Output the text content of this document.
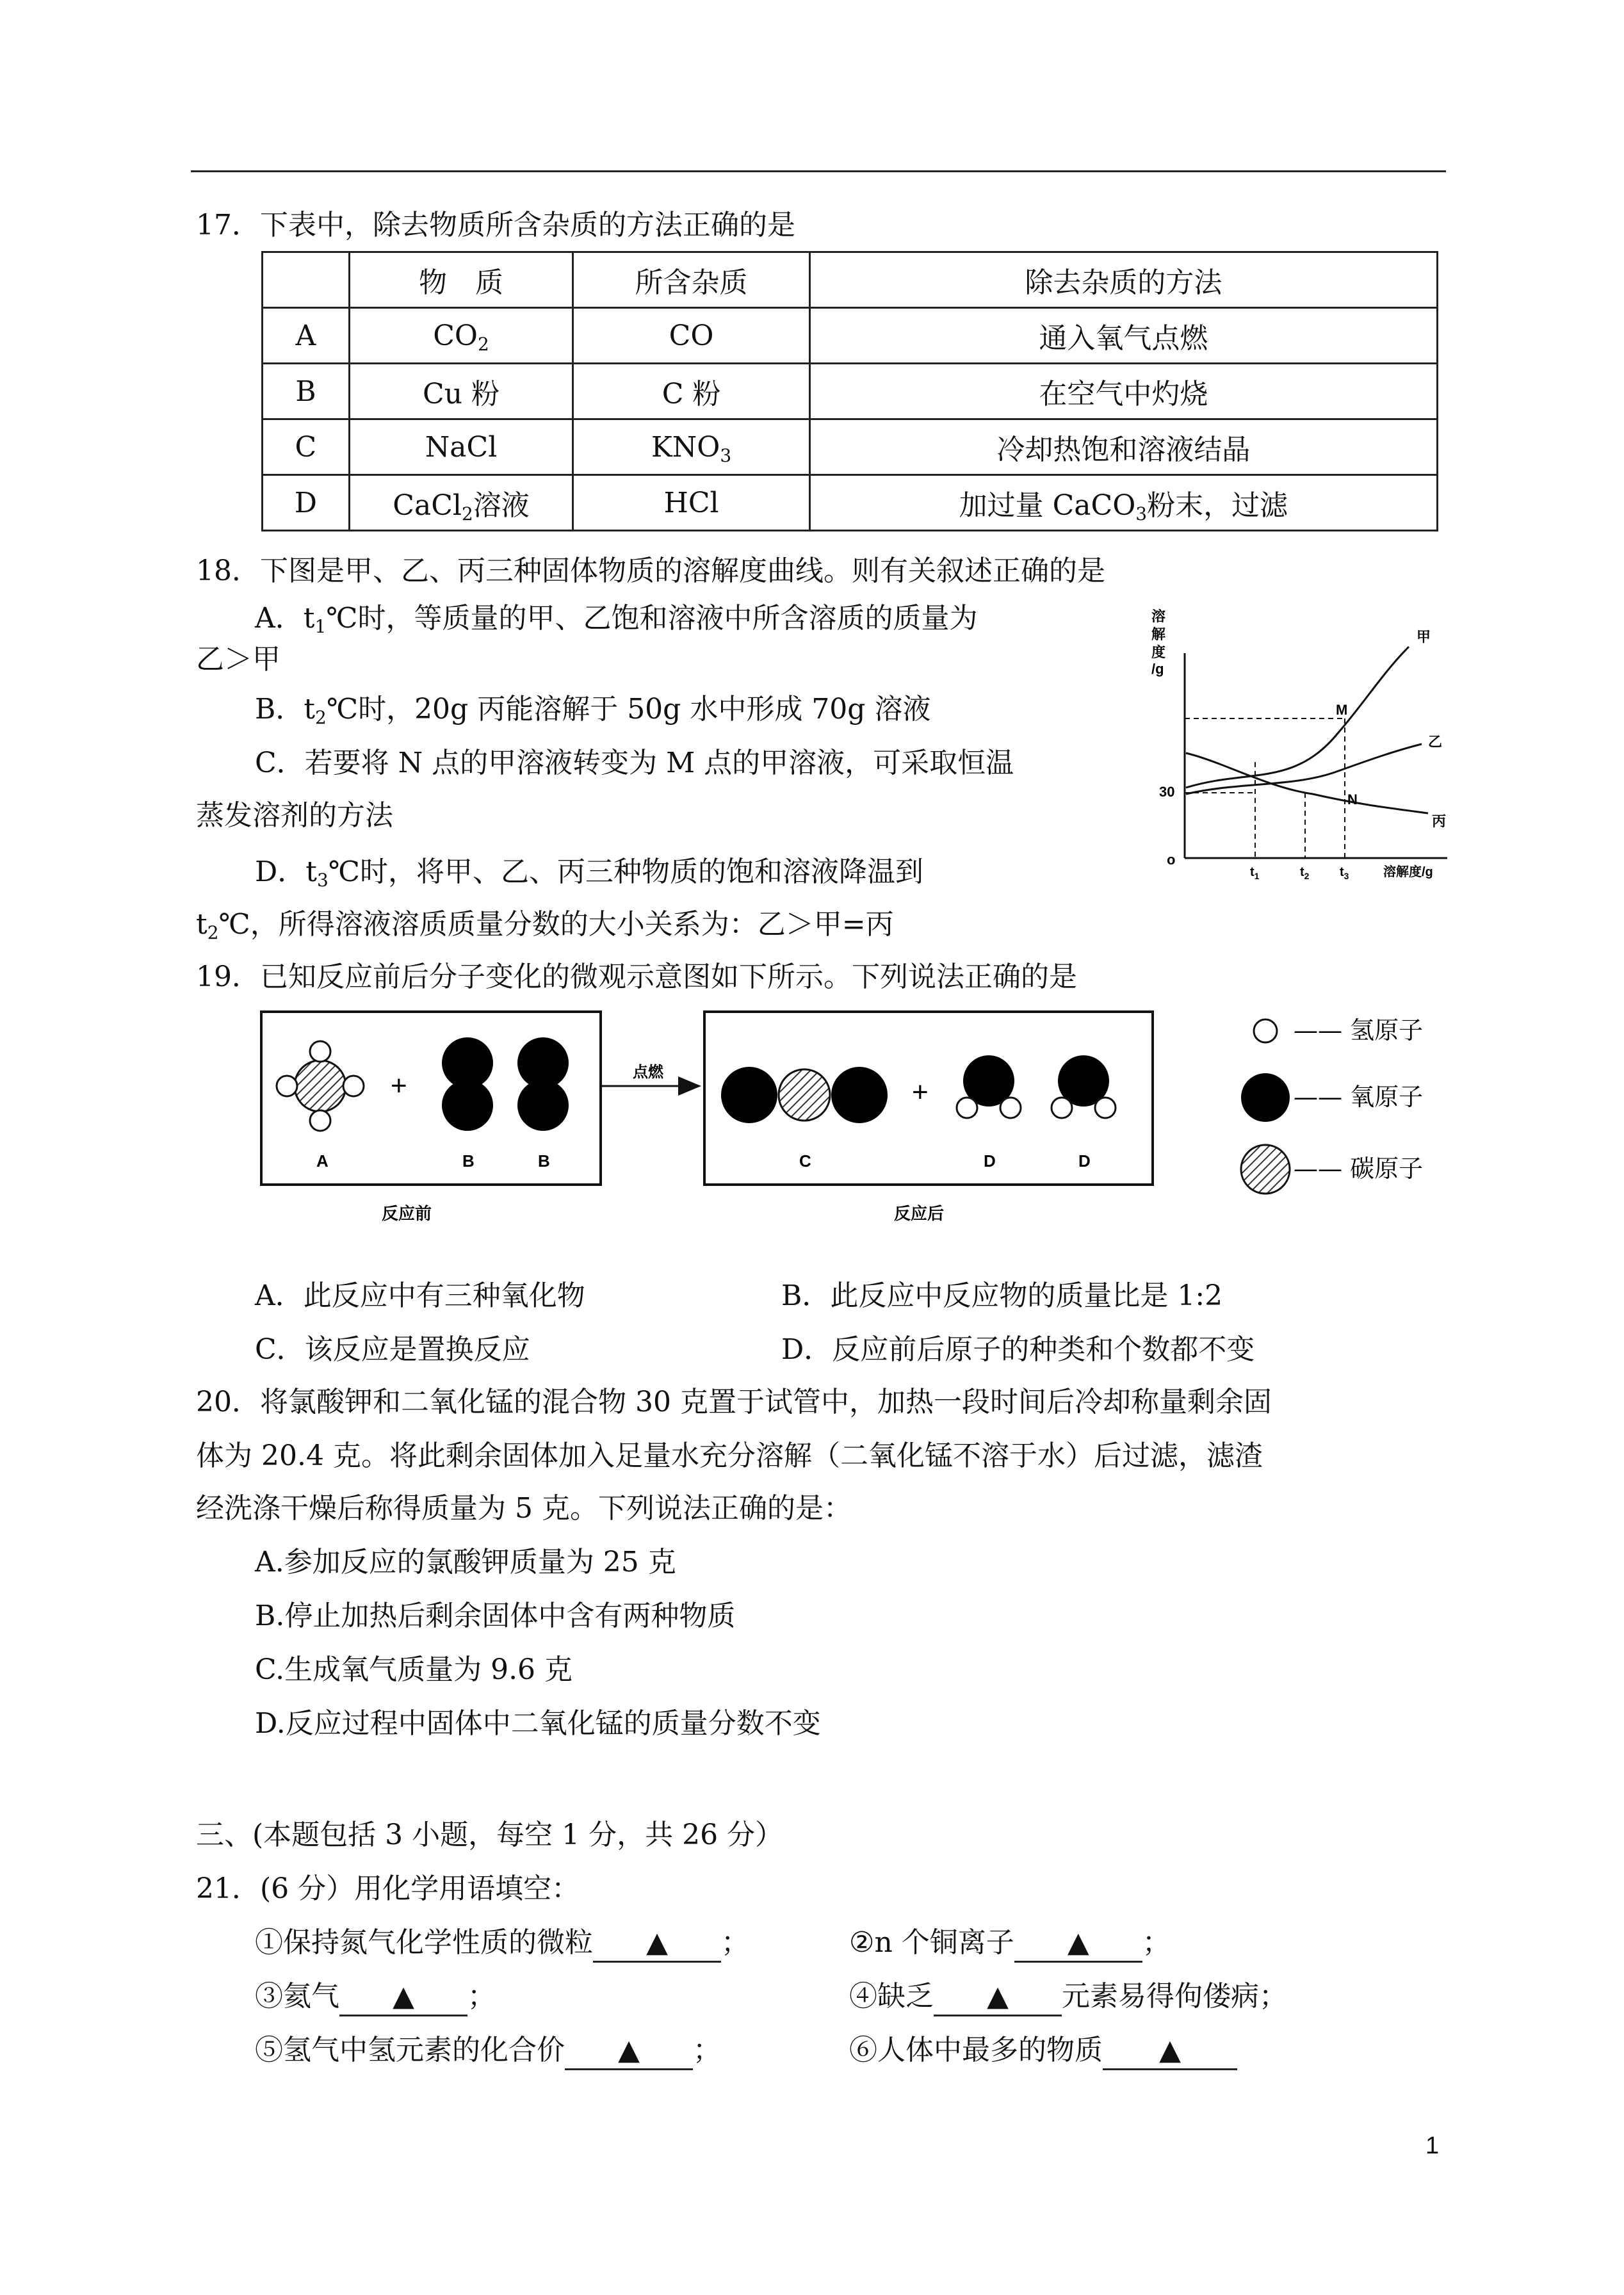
17．下表中，除去物质所含杂质的方法正确的是
	物　质	所含杂质	除去杂质的方法
A	$CO_2$	CO	通入氧气点燃
B	Cu 粉	C 粉	在空气中灼烧
C	NaCl	$KNO_3$	冷却热饱和溶液结晶
D	CaCl$_2$溶液	HCl	加过量 CaCO$_3$粉末，过滤
18．下图是甲、乙、丙三种固体物质的溶解度曲线。则有关叙述正确的是
A．$t_1℃$时，等质量的甲、乙饱和溶液中所含溶质的质量为
乙＞甲
B．$t_2℃$时，20g 丙能溶解于 50g 水中形成 70g 溶液
C．若要将 N 点的甲溶液转变为 M 点的甲溶液，可采取恒温
蒸发溶剂的方法
D．$t_3℃$时，将甲、乙、丙三种物质的饱和溶液降温到
$t_2℃$，所得溶液溶质质量分数的大小关系为：乙＞甲=丙
溶
解
度
/g
30
o
甲
乙
丙
M
N
$t_1$	$t_2$ $t_3$	溶解度/g
19．已知反应前后分子变化的微观示意图如下所示。下列说法正确的是
A
+
B	B
反应前
点燃
C
+
D	D
反应后
—— 氢原子
—— 氧原子
—— 碳原子
A．此反应中有三种氧化物	B．此反应中反应物的质量比是 1:2
C．该反应是置换反应	D．反应前后原子的种类和个数都不变
20．将氯酸钾和二氧化锰的混合物 30 克置于试管中，加热一段时间后冷却称量剩余固
体为 20.4 克。将此剩余固体加入足量水充分溶解（二氧化锰不溶于水）后过滤，滤渣
经洗涤干燥后称得质量为 5 克。下列说法正确的是：
A.参加反应的氯酸钾质量为 25 克
B.停止加热后剩余固体中含有两种物质
C.生成氧气质量为 9.6 克
D.反应过程中固体中二氧化锰的质量分数不变
三、(本题包括 3 小题，每空 1 分，共 26 分）
21．(6 分）用化学用语填空：
①保持氮气化学性质的微粒 ▲ ；	②n 个铜离子 ▲ ；
③氦气 ▲ ；	④缺乏 ▲ 元素易得佝偻病；
⑤氢气中氢元素的化合价 ▲ ；	⑥人体中最多的物质 ▲
1
